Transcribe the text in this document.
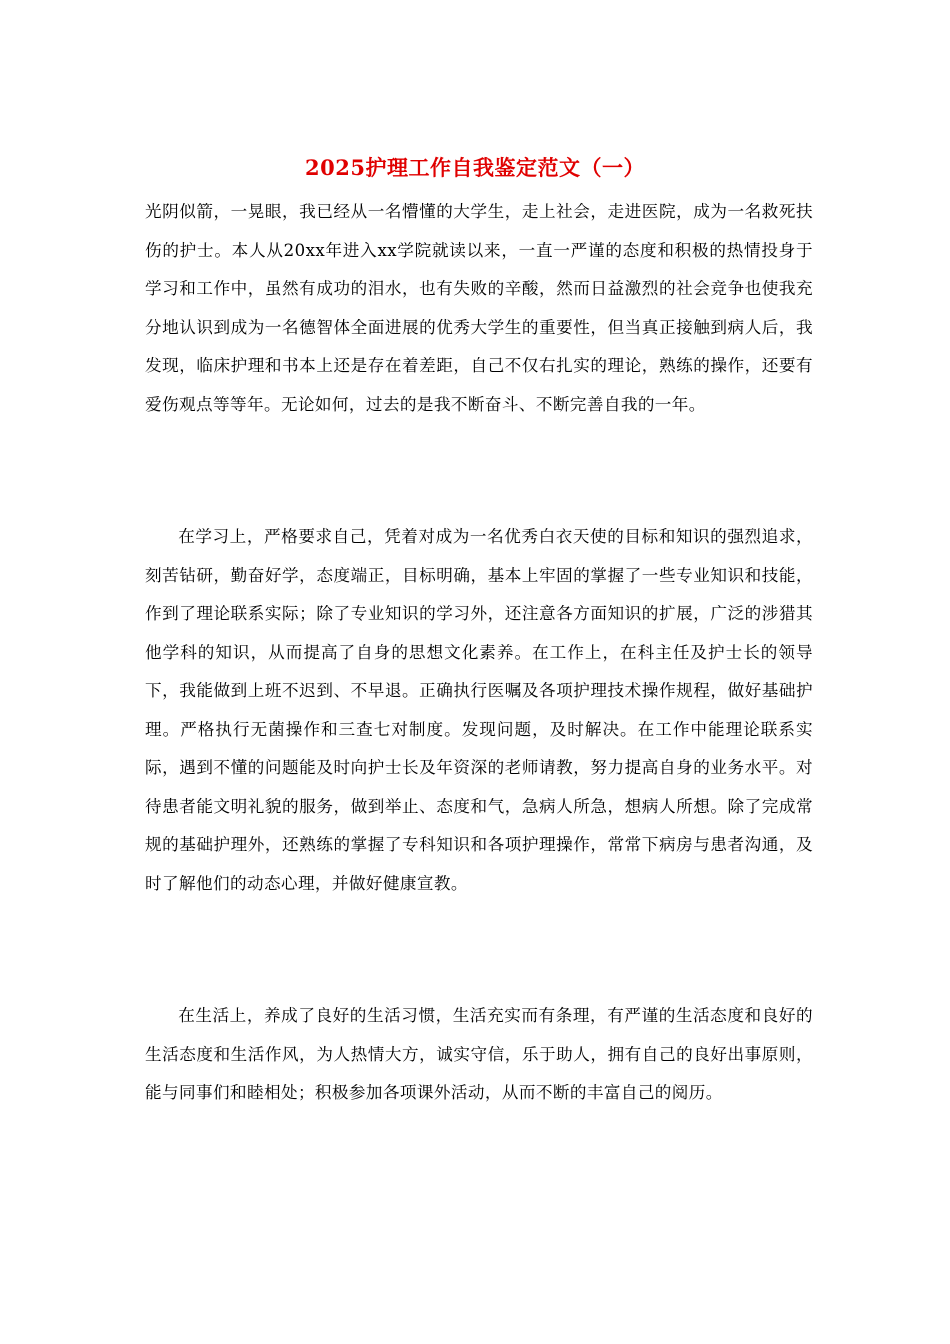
2025护理工作自我鉴定范文（一）

光阴似箭，一晃眼，我已经从一名懵懂的大学生，走上社会，走进医院，成为一名救死扶伤的护士。本人从20xx年进入xx学院就读以来，一直一严谨的态度和积极的热情投身于学习和工作中，虽然有成功的泪水，也有失败的辛酸，然而日益激烈的社会竞争也使我充分地认识到成为一名德智体全面进展的优秀大学生的重要性，但当真正接触到病人后，我发现，临床护理和书本上还是存在着差距，自己不仅右扎实的理论，熟练的操作，还要有爱伤观点等等年。无论如何，过去的是我不断奋斗、不断完善自我的一年。

在学习上，严格要求自己，凭着对成为一名优秀白衣天使的目标和知识的强烈追求，刻苦钻研，勤奋好学，态度端正，目标明确，基本上牢固的掌握了一些专业知识和技能，作到了理论联系实际；除了专业知识的学习外，还注意各方面知识的扩展，广泛的涉猎其他学科的知识，从而提高了自身的思想文化素养。在工作上，在科主任及护士长的领导下，我能做到上班不迟到、不早退。正确执行医嘱及各项护理技术操作规程，做好基础护理。严格执行无菌操作和三查七对制度。发现问题，及时解决。在工作中能理论联系实际，遇到不懂的问题能及时向护士长及年资深的老师请教，努力提高自身的业务水平。对待患者能文明礼貌的服务，做到举止、态度和气，急病人所急，想病人所想。除了完成常规的基础护理外，还熟练的掌握了专科知识和各项护理操作，常常下病房与患者沟通，及时了解他们的动态心理，并做好健康宣教。

在生活上，养成了良好的生活习惯，生活充实而有条理，有严谨的生活态度和良好的生活态度和生活作风，为人热情大方，诚实守信，乐于助人，拥有自己的良好出事原则，能与同事们和睦相处；积极参加各项课外活动，从而不断的丰富自己的阅历。
